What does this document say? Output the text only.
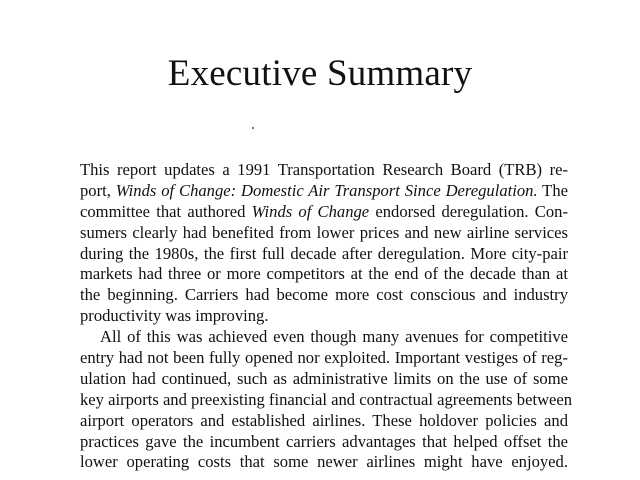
Executive Summary
This report updates a 1991 Transportation Research Board (TRB) re-
port, Winds of Change: Domestic Air Transport Since Deregulation. The
committee that authored Winds of Change endorsed deregulation. Con-
sumers clearly had benefited from lower prices and new airline services
during the 1980s, the first full decade after deregulation. More city-pair
markets had three or more competitors at the end of the decade than at
the beginning. Carriers had become more cost conscious and industry
productivity was improving.
All of this was achieved even though many avenues for competitive
entry had not been fully opened nor exploited. Important vestiges of reg-
ulation had continued, such as administrative limits on the use of some
key airports and preexisting financial and contractual agreements between
airport operators and established airlines. These holdover policies and
practices gave the incumbent carriers advantages that helped offset the
lower operating costs that some newer airlines might have enjoyed.
